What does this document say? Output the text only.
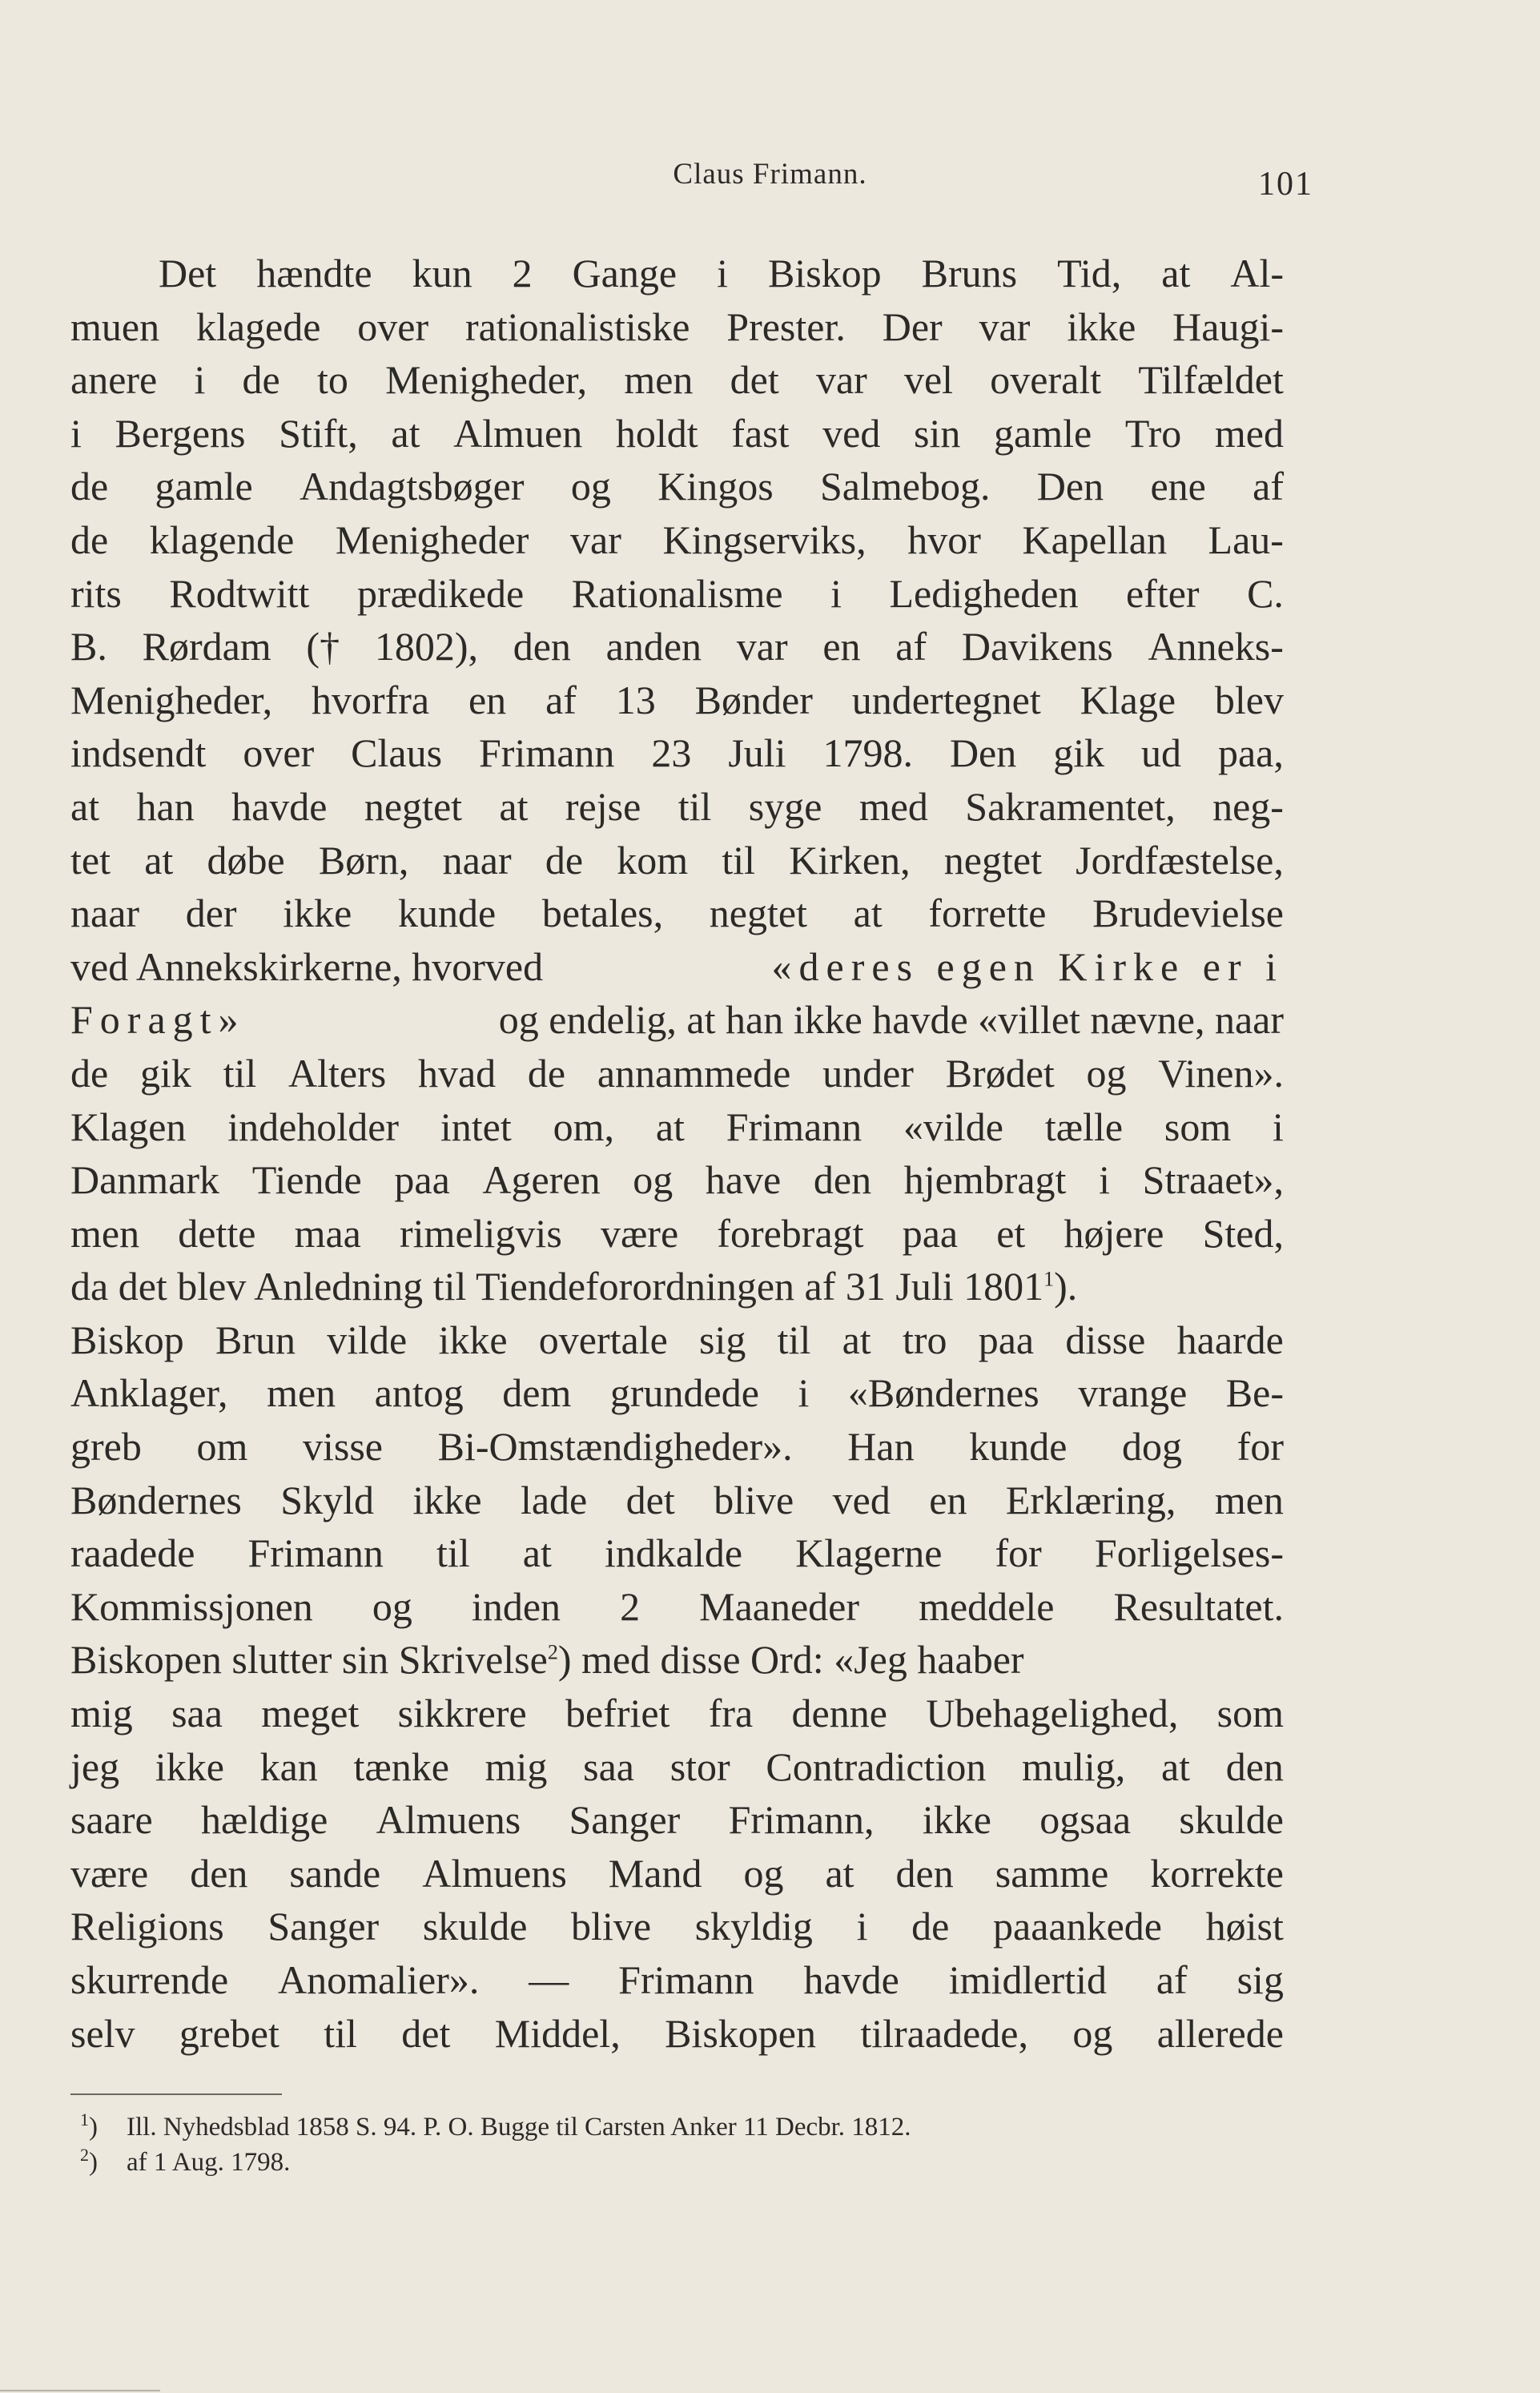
Claus Frimann.	101
Det hændte kun 2 Gange i Biskop Bruns Tid, at Al-
muen klagede over rationalistiske Prester. Der var ikke Haugi-
anere i de to Menigheder, men det var vel overalt Tilfældet
i Bergens Stift, at Almuen holdt fast ved sin gamle Tro med
de gamle Andagtsbøger og Kingos Salmebog. Den ene af
de klagende Menigheder var Kingserviks, hvor Kapellan Lau-
rits Rodtwitt prædikede Rationalisme i Ledigheden efter C.
B. Rørdam († 1802), den anden var en af Davikens Anneks-
Menigheder, hvorfra en af 13 Bønder undertegnet Klage blev
indsendt over Claus Frimann 23 Juli 1798. Den gik ud paa,
at han havde negtet at rejse til syge med Sakramentet, neg-
tet at døbe Børn, naar de kom til Kirken, negtet Jordfæstelse,
naar der ikke kunde betales, negtet at forrette Brudevielse
ved Annekskirkerne, hvorved	«deres egen Kirke er i
Foragt»	og endelig, at han ikke havde «villet nævne, naar
de gik til Alters hvad de annammede under Brødet og Vinen».
Klagen indeholder intet om, at Frimann «vilde tælle som i
Danmark Tiende paa Ageren og have den hjembragt i Straaet»,
men dette maa rimeligvis være forebragt paa et højere Sted,
da det blev Anledning til Tiendeforordningen af 31 Juli 1801$^1$).
Biskop Brun vilde ikke overtale sig til at tro paa disse haarde
Anklager, men antog dem grundede i «Bøndernes vrange Be-
greb om visse Bi-Omstændigheder». Han kunde dog for
Bøndernes Skyld ikke lade det blive ved en Erklæring, men
raadede Frimann til at indkalde Klagerne for Forligelses-
Kommissjonen og inden 2 Maaneder meddele Resultatet.
Biskopen slutter sin Skrivelse$^2$) med disse Ord: «Jeg haaber
mig saa meget sikkrere befriet fra denne Ubehagelighed, som
jeg ikke kan tænke mig saa stor Contradiction mulig, at den
saare hældige Almuens Sanger Frimann, ikke ogsaa skulde
være den sande Almuens Mand og at den samme korrekte
Religions Sanger skulde blive skyldig i de paaankede høist
skurrende Anomalier». — Frimann havde imidlertid af sig
selv grebet til det Middel, Biskopen tilraadede, og allerede
$^1$) Ill. Nyhedsblad 1858 S. 94. P. O. Bugge til Carsten Anker 11 Decbr. 1812.
$^2$) af 1 Aug. 1798.
